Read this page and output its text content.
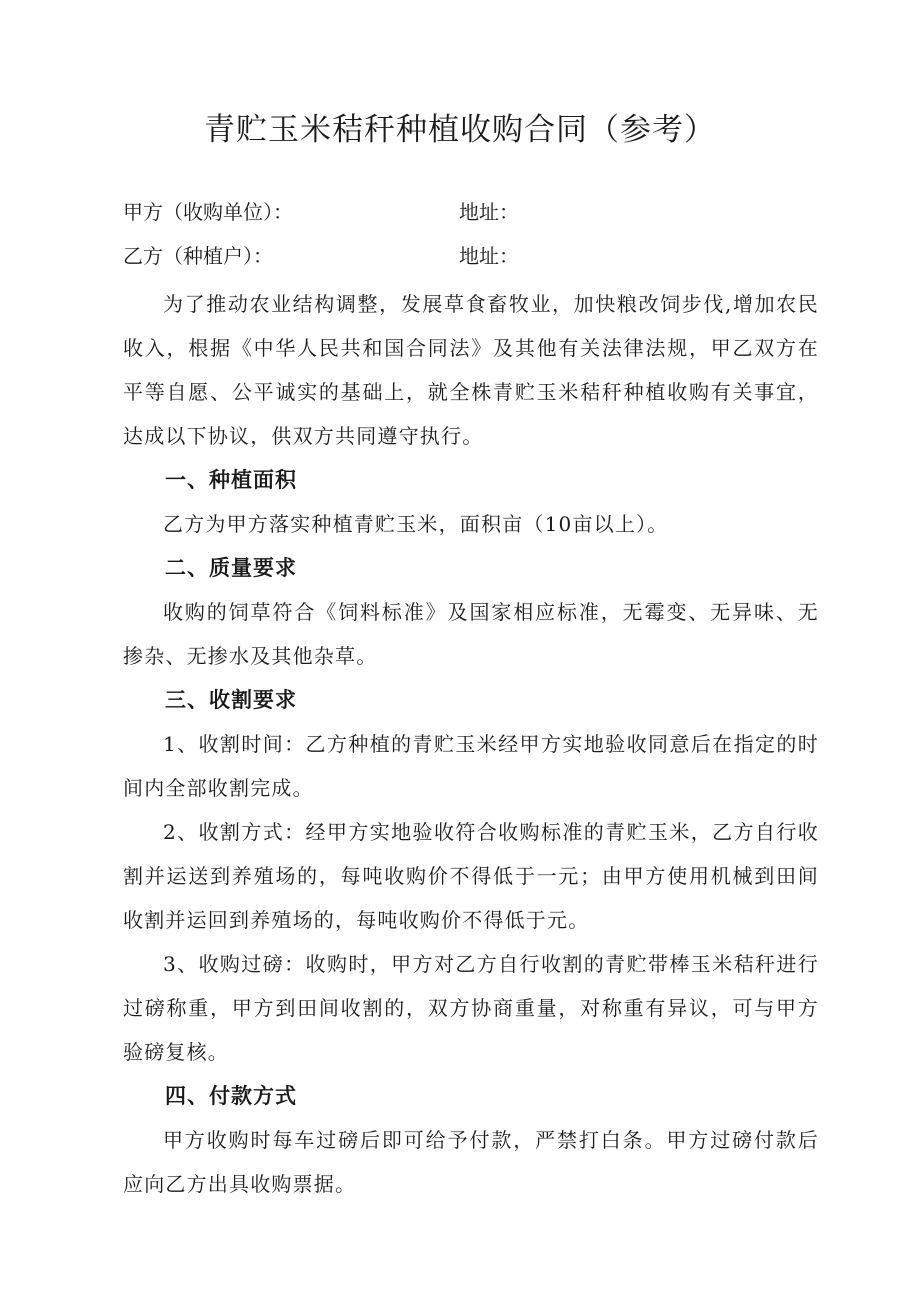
青贮玉米秸秆种植收购合同（参考）
甲方（收购单位）：	地址：
乙方（种植户）：	地址：

为了推动农业结构调整，发展草食畜牧业，加快粮改饲步伐,增加农民收入，根据《中华人民共和国合同法》及其他有关法律法规，甲乙双方在平等自愿、公平诚实的基础上，就全株青贮玉米秸秆种植收购有关事宜，达成以下协议，供双方共同遵守执行。

一、种植面积

乙方为甲方落实种植青贮玉米，面积亩（10亩以上）。

二、质量要求

收购的饲草符合《饲料标准》及国家相应标准，无霉变、无异味、无掺杂、无掺水及其他杂草。

三、收割要求

1、收割时间：乙方种植的青贮玉米经甲方实地验收同意后在指定的时间内全部收割完成。

2、收割方式：经甲方实地验收符合收购标准的青贮玉米，乙方自行收割并运送到养殖场的，每吨收购价不得低于一元；由甲方使用机械到田间收割并运回到养殖场的，每吨收购价不得低于元。

3、收购过磅：收购时，甲方对乙方自行收割的青贮带棒玉米秸秆进行过磅称重，甲方到田间收割的，双方协商重量，对称重有异议，可与甲方验磅复核。

四、付款方式

甲方收购时每车过磅后即可给予付款，严禁打白条。甲方过磅付款后应向乙方出具收购票据。
